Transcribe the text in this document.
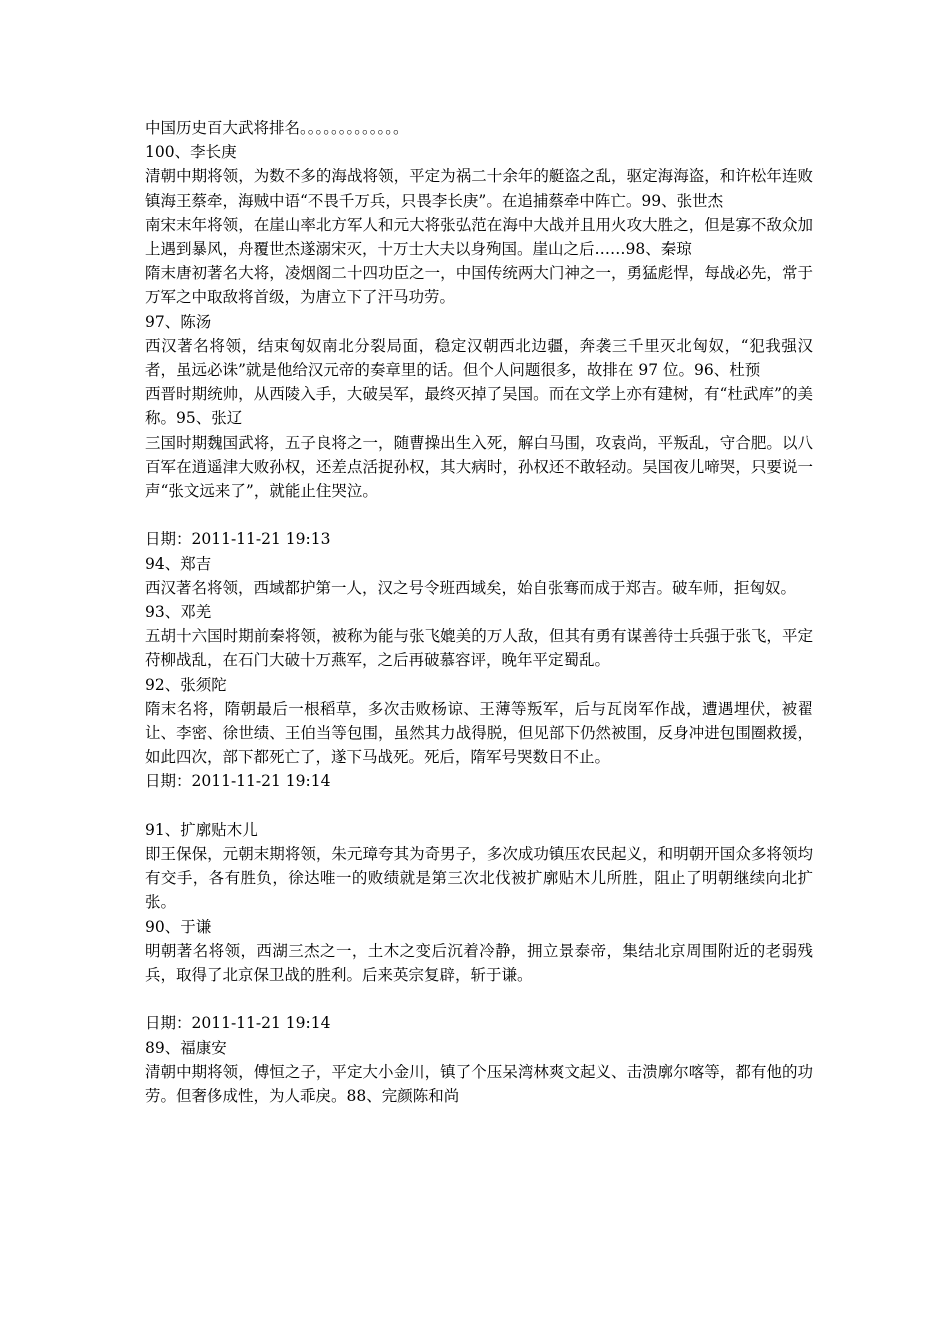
中国历史百大武将排名。。。。。。。。。。。。。
100、李长庚
清朝中期将领，为数不多的海战将领，平定为祸二十余年的艇盗之乱，驱定海海盗，和许松年连败镇海王蔡牵，海贼中语“不畏千万兵，只畏李长庚”。在追捕蔡牵中阵亡。99、张世杰
南宋末年将领，在崖山率北方军人和元大将张弘范在海中大战并且用火攻大胜之，但是寡不敌众加上遇到暴风，舟覆世杰遂溺宋灭，十万士大夫以身殉国。崖山之后……98、秦琼
隋末唐初著名大将，凌烟阁二十四功臣之一，中国传统两大门神之一，勇猛彪悍，每战必先，常于万军之中取敌将首级，为唐立下了汗马功劳。
97、陈汤
西汉著名将领，结束匈奴南北分裂局面，稳定汉朝西北边疆，奔袭三千里灭北匈奴，“犯我强汉者，虽远必诛”就是他给汉元帝的奏章里的话。但个人问题很多，故排在 97 位。96、杜预
西晋时期统帅，从西陵入手，大破吴军，最终灭掉了吴国。而在文学上亦有建树，有“杜武库”的美称。95、张辽
三国时期魏国武将，五子良将之一，随曹操出生入死，解白马围，攻袁尚，平叛乱，守合肥。以八百军在逍遥津大败孙权，还差点活捉孙权，其大病时，孙权还不敢轻动。吴国夜儿啼哭，只要说一声“张文远来了”，就能止住哭泣。
日期：2011-11-21 19:13
94、郑吉
西汉著名将领，西域都护第一人，汉之号令班西域矣，始自张骞而成于郑吉。破车师，拒匈奴。
93、邓羌
五胡十六国时期前秦将领，被称为能与张飞媲美的万人敌，但其有勇有谋善待士兵强于张飞，平定苻柳战乱，在石门大破十万燕军，之后再破慕容评，晚年平定蜀乱。
92、张须陀
隋末名将，隋朝最后一根稻草，多次击败杨谅、王薄等叛军，后与瓦岗军作战，遭遇埋伏，被翟让、李密、徐世绩、王伯当等包围，虽然其力战得脱，但见部下仍然被围，反身冲进包围圈救援，如此四次，部下都死亡了，遂下马战死。死后，隋军号哭数日不止。
日期：2011-11-21 19:14
91、扩廓贴木儿
即王保保，元朝末期将领，朱元璋夸其为奇男子，多次成功镇压农民起义，和明朝开国众多将领均有交手，各有胜负，徐达唯一的败绩就是第三次北伐被扩廓贴木儿所胜，阻止了明朝继续向北扩张。
90、于谦
明朝著名将领，西湖三杰之一，土木之变后沉着冷静，拥立景泰帝，集结北京周围附近的老弱残兵，取得了北京保卫战的胜利。后来英宗复辟，斩于谦。
日期：2011-11-21 19:14
89、福康安
清朝中期将领，傅恒之子，平定大小金川，镇了个压呆湾林爽文起义、击溃廓尔喀等，都有他的功劳。但奢侈成性，为人乖戾。88、完颜陈和尚
